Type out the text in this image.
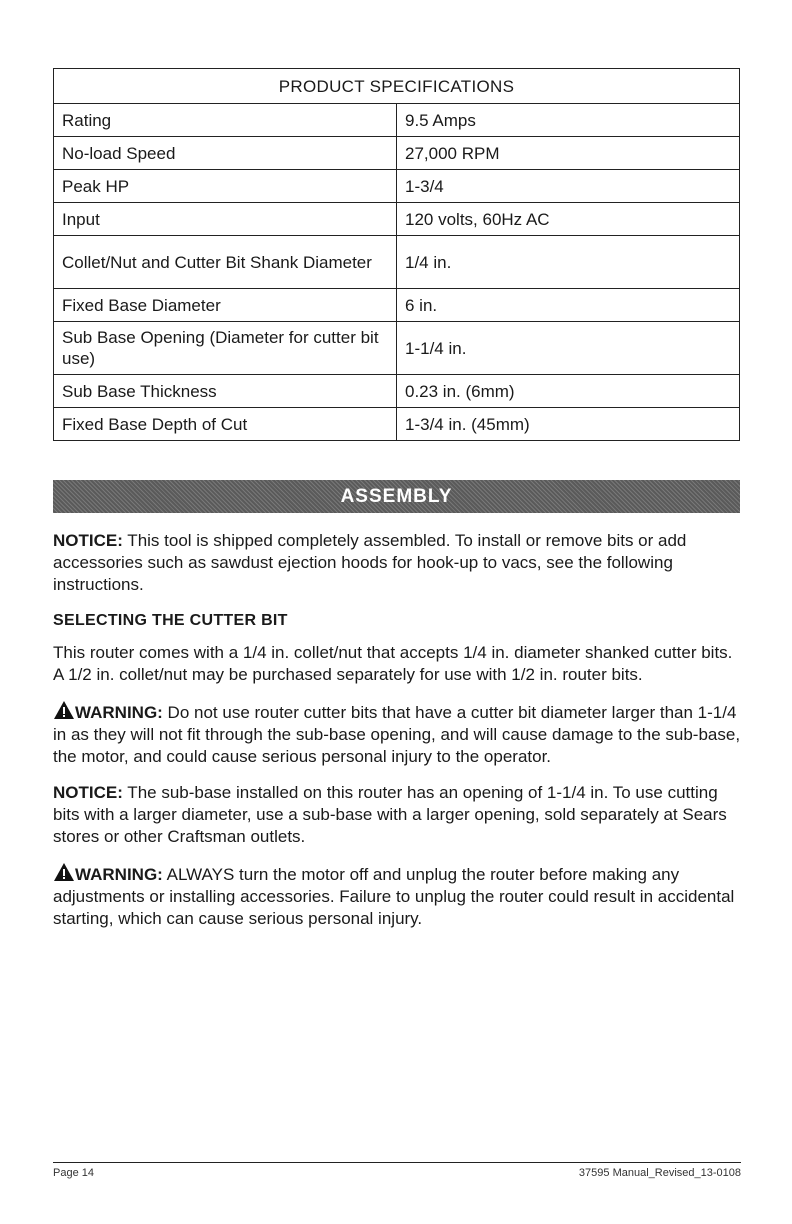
PRODUCT SPECIFICATIONS	
Rating	9.5 Amps
No-load Speed	27,000 RPM
Peak HP	1-3/4
Input	120 volts, 60Hz AC
Collet/Nut and Cutter Bit Shank Diameter	1/4 in.
Fixed Base Diameter	6 in.
Sub Base Opening (Diameter for cutter bit use)	1-1/4 in.
Sub Base Thickness	0.23 in. (6mm)
Fixed Base Depth of Cut	1-3/4 in. (45mm)
ASSEMBLY

NOTICE: This tool is shipped completely assembled. To install or remove bits or add accessories such as sawdust ejection hoods for hook-up to vacs, see the following instructions.

SELECTING THE CUTTER BIT

This router comes with a 1/4 in. collet/nut that accepts 1/4 in. diameter shanked cutter bits. A 1/2 in. collet/nut may be purchased separately for use with 1/2 in. router bits.

WARNING: Do not use router cutter bits that have a cutter bit diameter larger than 1-1/4 in as they will not fit through the sub-base opening, and will cause damage to the sub-base, the motor, and could cause serious personal injury to the operator.

NOTICE: The sub-base installed on this router has an opening of 1-1/4 in. To use cutting bits with a larger diameter, use a sub-base with a larger opening, sold separately at Sears stores or other Craftsman outlets.

WARNING: ALWAYS turn the motor off and unplug the router before making any adjustments or installing accessories. Failure to unplug the router could result in accidental starting, which can cause serious personal injury.

Page 14	37595 Manual_Revised_13-0108
